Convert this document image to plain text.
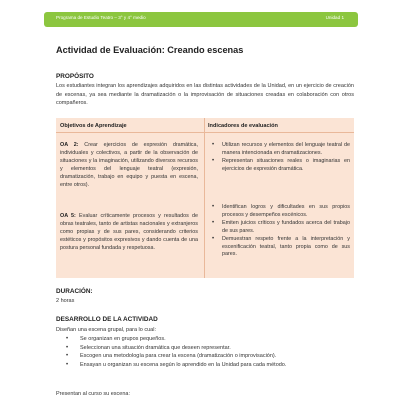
Programa de Estudio Teatro – 3° y 4° medio	Unidad 1
Actividad de Evaluación: Creando escenas
PROPÓSITO
Los estudiantes integran los aprendizajes adquiridos en las distintas actividades de la Unidad, en un ejercicio de creación de escenas, ya sea mediante la dramatización o la improvisación de situaciones creadas en colaboración con otros compañeros.
Objetivos de Aprendizaje	Indicadores de evaluación
OA 2: Crear ejercicios de expresión dramática, individuales y colectivos, a partir de la observación de situaciones y la imaginación, utilizando diversos recursos y elementos del lenguaje teatral (expresión, dramatización, trabajo en equipo y puesta en escena, entre otros).
OA 5: Evaluar críticamente procesos y resultados de obras teatrales, tanto de artistas nacionales y extranjeros como propias y de sus pares, considerando criterios estéticos y propósitos expresivos y dando cuenta de una postura personal fundada y respetuosa.
• Utilizan recursos y elementos del lenguaje teatral de manera intencionada en dramatizaciones.
• Representan situaciones reales o imaginarias en ejercicios de expresión dramática.
• Identifican logros y dificultades en sus propios procesos y desempeños escénicos.
• Emiten juicios críticos y fundados acerca del trabajo de sus pares.
• Demuestran respeto frente a la interpretación y escenificación teatral, tanto propia como de sus pares.
DURACIÓN:
2 horas
DESARROLLO DE LA ACTIVIDAD
Diseñan una escena grupal, para lo cual:
• Se organizan en grupos pequeños.
• Seleccionan una situación dramática que deseen representar.
• Escogen una metodología para crear la escena (dramatización o improvisación).
• Ensayan u organizan su escena según lo aprendido en la Unidad para cada método.
Presentan al curso su escena:
